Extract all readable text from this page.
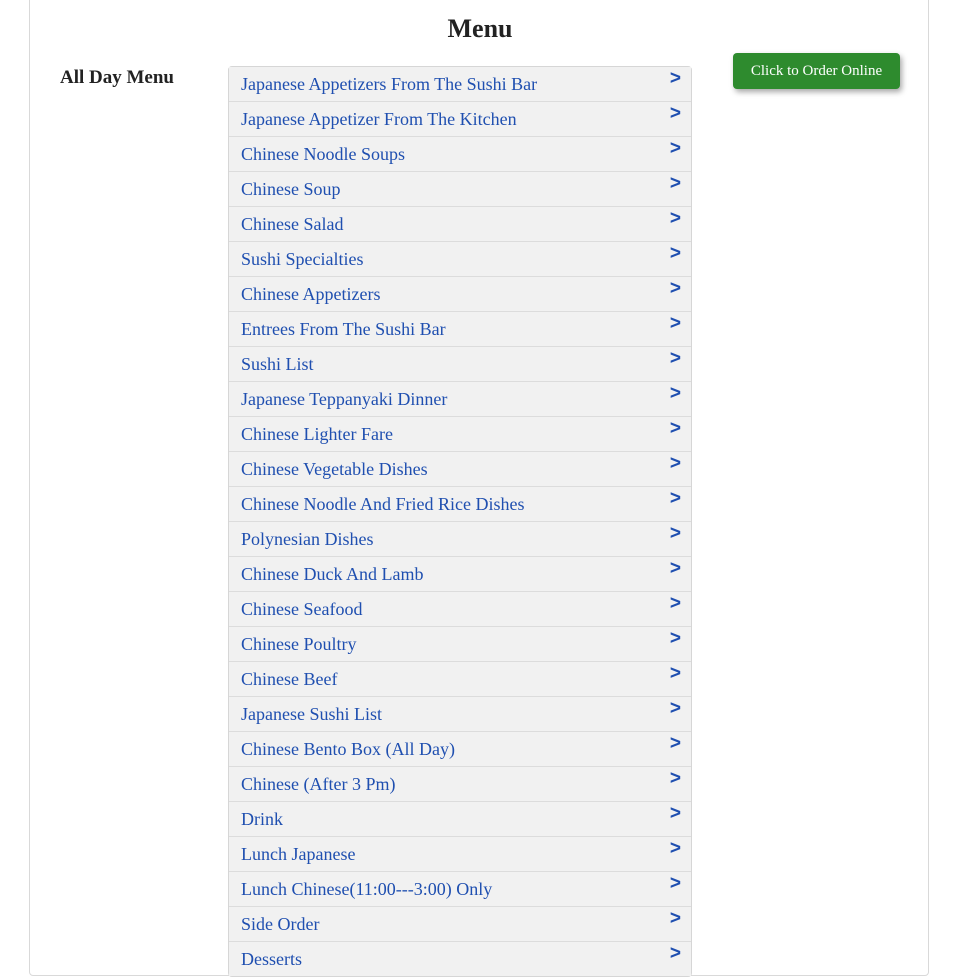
Menu
All Day Menu	Japanese Appetizers From The Sushi Bar	>
Japanese Appetizer From The Kitchen	>
Chinese Noodle Soups	>
Chinese Soup	>
Chinese Salad	>
Sushi Specialties	>
Chinese Appetizers	>
Entrees From The Sushi Bar	>
Sushi List	>
Japanese Teppanyaki Dinner	>
Chinese Lighter Fare	>
Chinese Vegetable Dishes	>
Chinese Noodle And Fried Rice Dishes	>
Polynesian Dishes	>
Chinese Duck And Lamb	>
Chinese Seafood	>
Chinese Poultry	>
Chinese Beef	>
Japanese Sushi List	>
Chinese Bento Box (All Day)	>
Chinese (After 3 Pm)	>
Drink	>
Lunch Japanese	>
Lunch Chinese(11:00---3:00) Only	>
Side Order	>
Desserts	>
Click to Order Online
